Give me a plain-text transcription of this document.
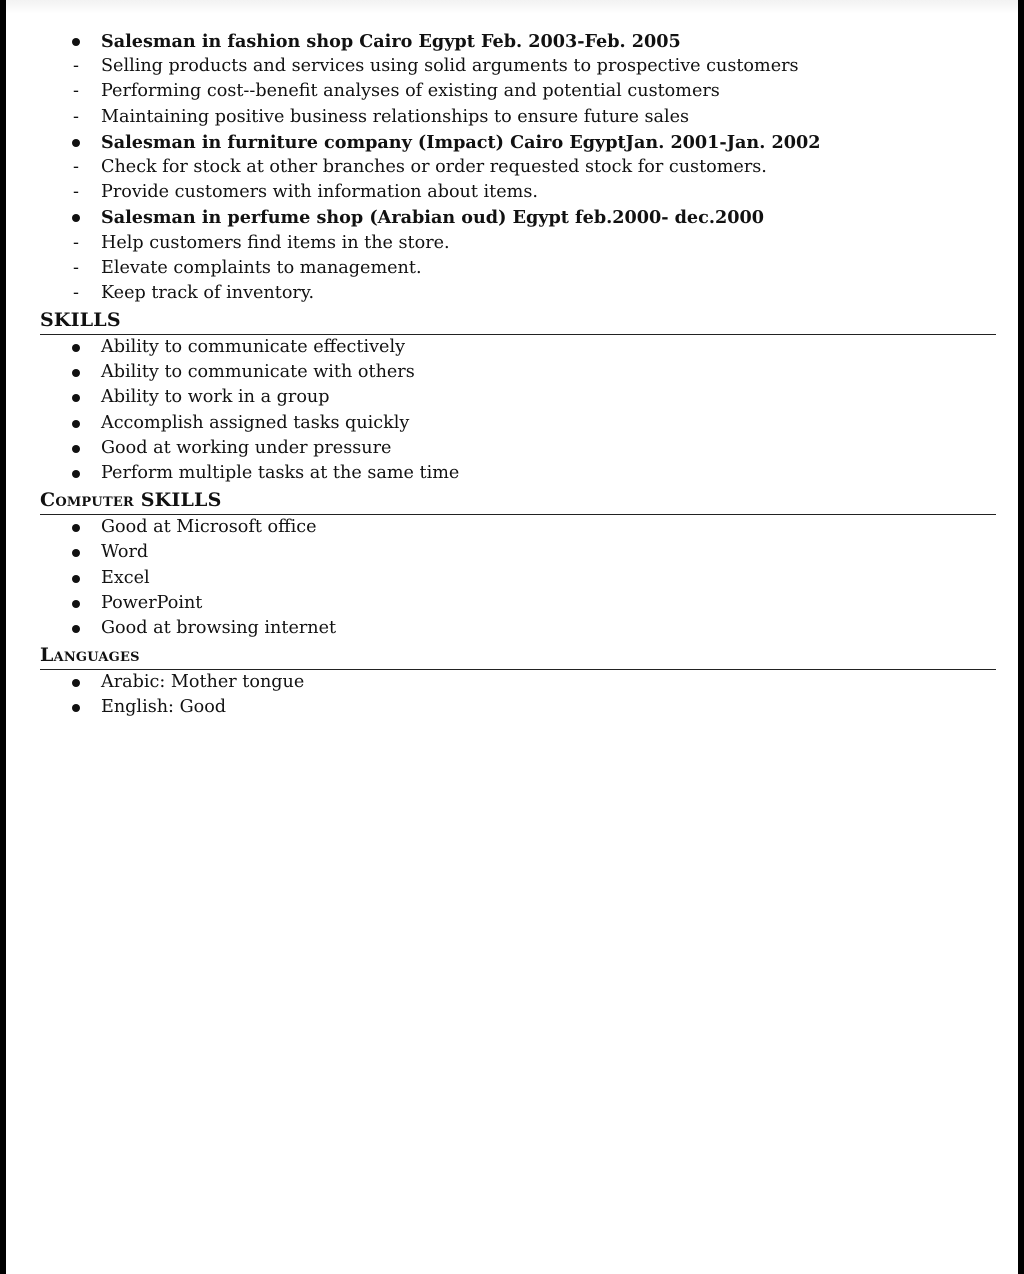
Salesman in fashion shop Cairo Egypt Feb. 2003-Feb. 2005
- Selling products and services using solid arguments to prospective customers
- Performing cost--benefit analyses of existing and potential customers
- Maintaining positive business relationships to ensure future sales
Salesman in furniture company (Impact) Cairo EgyptJan. 2001-Jan. 2002
- Check for stock at other branches or order requested stock for customers.
- Provide customers with information about items.
Salesman in perfume shop (Arabian oud) Egypt feb.2000- dec.2000
- Help customers find items in the store.
- Elevate complaints to management.
- Keep track of inventory.
SKILLS
Ability to communicate effectively
Ability to communicate with others
Ability to work in a group
Accomplish assigned tasks quickly
Good at working under pressure
Perform multiple tasks at the same time
Computer SKILLS
Good at Microsoft office
Word
Excel
PowerPoint
Good at browsing internet
Languages
Arabic: Mother tongue
English: Good
